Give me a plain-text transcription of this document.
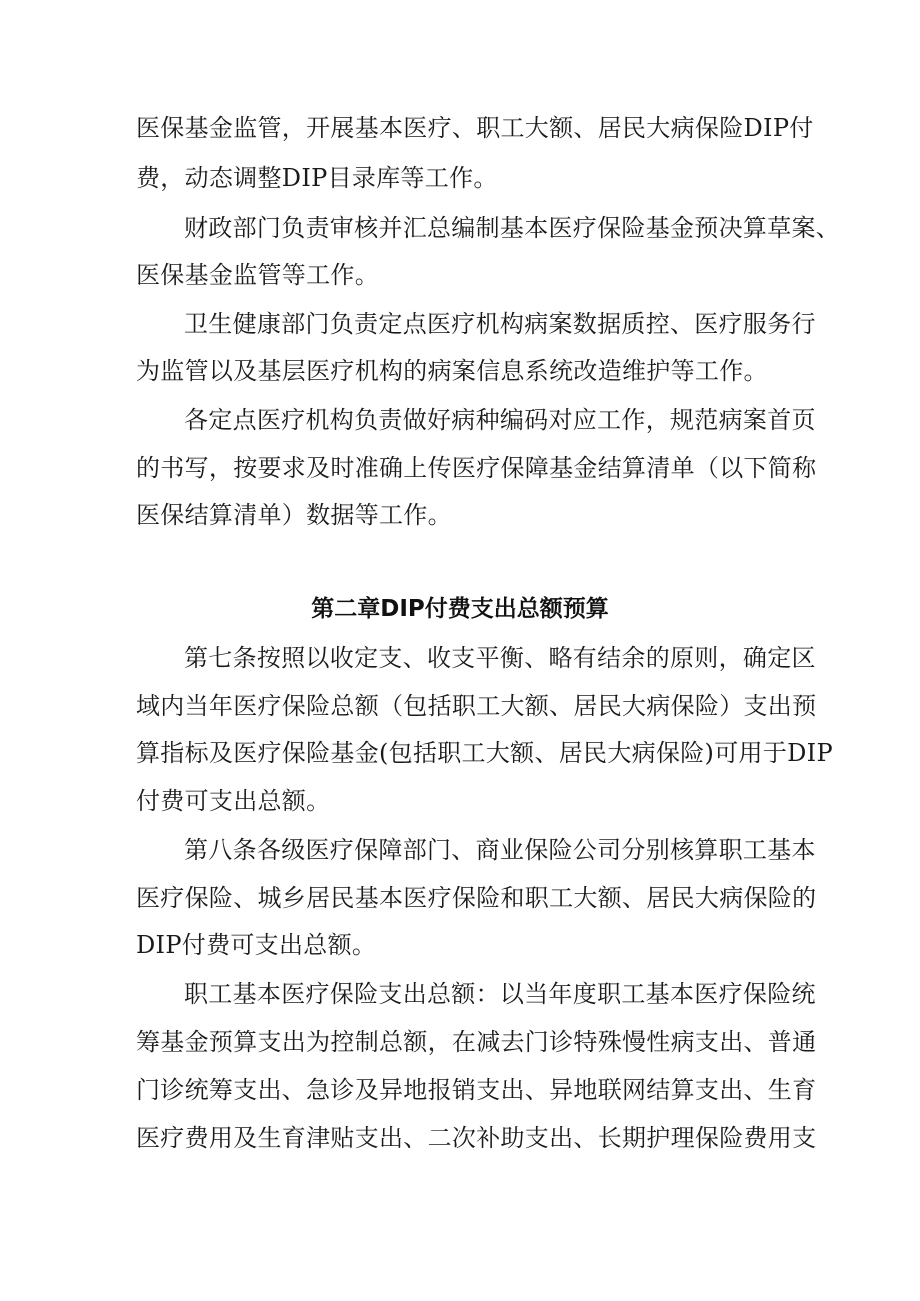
医保基金监管，开展基本医疗、职工大额、居民大病保险DIP付

费，动态调整DIP目录库等工作。

财政部门负责审核并汇总编制基本医疗保险基金预决算草案、

医保基金监管等工作。

卫生健康部门负责定点医疗机构病案数据质控、医疗服务行

为监管以及基层医疗机构的病案信息系统改造维护等工作。

各定点医疗机构负责做好病种编码对应工作，规范病案首页

的书写，按要求及时准确上传医疗保障基金结算清单（以下简称

医保结算清单）数据等工作。

第二章DIP付费支出总额预算

第七条按照以收定支、收支平衡、略有结余的原则，确定区

域内当年医疗保险总额（包括职工大额、居民大病保险）支出预

算指标及医疗保险基金(包括职工大额、居民大病保险)可用于DIP

付费可支出总额。

第八条各级医疗保障部门、商业保险公司分别核算职工基本

医疗保险、城乡居民基本医疗保险和职工大额、居民大病保险的

DIP付费可支出总额。

职工基本医疗保险支出总额：以当年度职工基本医疗保险统

筹基金预算支出为控制总额，在减去门诊特殊慢性病支出、普通

门诊统筹支出、急诊及异地报销支出、异地联网结算支出、生育

医疗费用及生育津贴支出、二次补助支出、长期护理保险费用支
